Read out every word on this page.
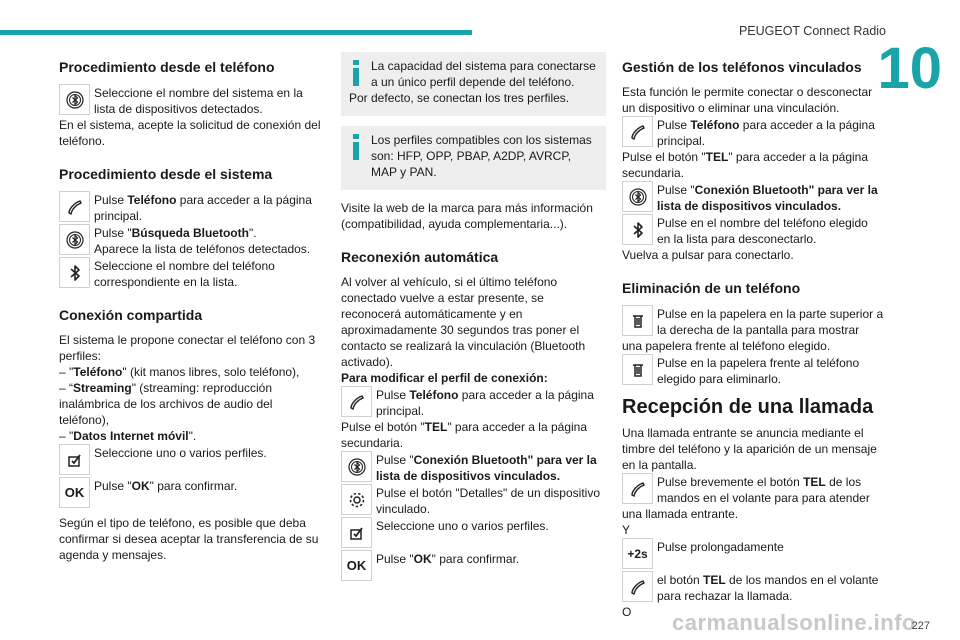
PEUGEOT Connect Radio
10
Procedimiento desde el teléfono
Seleccione el nombre del sistema en la lista de dispositivos detectados.

En el sistema, acepte la solicitud de conexión del teléfono.

Procedimiento desde el sistema
Pulse Teléfono para acceder a la página principal.
Pulse "Búsqueda Bluetooth".
Aparece la lista de teléfonos detectados.
Seleccione el nombre del teléfono correspondiente en la lista.
Conexión compartida

El sistema le propone conectar el teléfono con 3 perfiles:

– "Teléfono" (kit manos libres, solo teléfono),

– “Streaming" (streaming: reproducción inalámbrica de los archivos de audio del teléfono),

– "Datos Internet móvil".

Seleccione uno o varios perfiles.
OK Pulse "OK" para confirmar.

Según el tipo de teléfono, es posible que deba confirmar si desea aceptar la transferencia de su agenda y mensajes.

La capacidad del sistema para conectarse a un único perfil depende del teléfono.

Por defecto, se conectan los tres perfiles.

Los perfiles compatibles con los sistemas son: HFP, OPP, PBAP, A2DP, AVRCP, MAP y PAN.

Visite la web de la marca para más información (compatibilidad, ayuda complementaria...).

Reconexión automática

Al volver al vehículo, si el último teléfono conectado vuelve a estar presente, se reconocerá automáticamente y en aproximadamente 30 segundos tras poner el contacto se realizará la vinculación (Bluetooth activado).

Para modificar el perfil de conexión:

Pulse Teléfono para acceder a la página principal.

Pulse el botón "TEL" para acceder a la página secundaria.

Pulse "Conexión Bluetooth" para ver la lista de dispositivos vinculados.
Pulse el botón "Detalles" de un dispositivo vinculado.
Seleccione uno o varios perfiles.
OK Pulse "OK" para confirmar.
Gestión de los teléfonos vinculados

Esta función le permite conectar o desconectar un dispositivo o eliminar una vinculación.

Pulse Teléfono para acceder a la página principal.

Pulse el botón "TEL" para acceder a la página secundaria.

Pulse "Conexión Bluetooth" para ver la lista de dispositivos vinculados.
Pulse en el nombre del teléfono elegido en la lista para desconectarlo.

Vuelva a pulsar para conectarlo.

Eliminación de un teléfono
Pulse en la papelera en la parte superior a la derecha de la pantalla para mostrar

una papelera frente al teléfono elegido.

Pulse en la papelera frente al teléfono elegido para eliminarlo.
Recepción de una llamada

Una llamada entrante se anuncia mediante el timbre del teléfono y la aparición de un mensaje en la pantalla.

Pulse brevemente el botón TEL de los mandos en el volante para para atender

una llamada entrante.

Y

+2s Pulse prolongadamente
el botón TEL de los mandos en el volante para rechazar la llamada.

O	carmanualsonline.info
227
